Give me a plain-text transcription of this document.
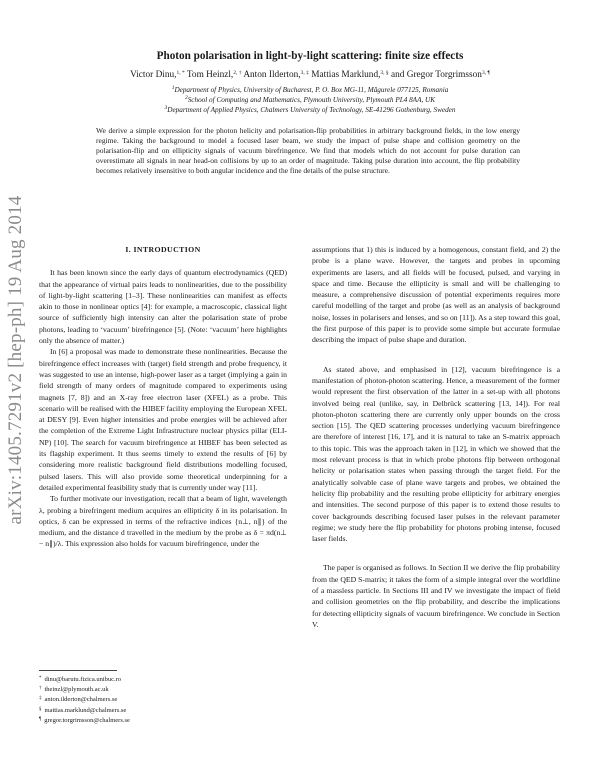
arXiv:1405.7291v2 [hep-ph] 19 Aug 2014
Photon polarisation in light-by-light scattering: finite size effects
Victor Dinu,$^{1, *}$ Tom Heinzl,$^{2, \dagger}$ Anton Ilderton,$^{3, \ddagger}$ Mattias Marklund,$^{3, \S}$ and Gregor Torgrimsson$^{3, \P}$
$^1$Department of Physics, University of Bucharest, P. O. Box MG-11, Măgurele 077125, Romania
$^2$School of Computing and Mathematics, Plymouth University, Plymouth PL4 8AA, UK
$^3$Department of Applied Physics, Chalmers University of Technology, SE-41296 Gothenburg, Sweden
We derive a simple expression for the photon helicity and polarisation-flip probabilities in arbitrary background fields, in the low energy regime. Taking the background to model a focused laser beam, we study the impact of pulse shape and collision geometry on the polarisation-flip and on ellipticity signals of vacuum birefringence. We find that models which do not account for pulse duration can overestimate all signals in near head-on collisions by up to an order of magnitude. Taking pulse duration into account, the flip probability becomes relatively insensitive to both angular incidence and the fine details of the pulse structure.
I. INTRODUCTION

It has been known since the early days of quantum electrodynamics (QED) that the appearance of virtual pairs leads to nonlinearities, due to the possibility of light-by-light scattering [1–3]. These nonlinearities can manifest as effects akin to those in nonlinear optics [4]: for example, a macroscopic, classical light source of sufficiently high intensity can alter the polarisation state of probe photons, leading to ‘vacuum’ birefringence [5]. (Note: ‘vacuum’ here highlights only the absence of matter.)

In [6] a proposal was made to demonstrate these nonlinearities. Because the birefringence effect increases with (target) field strength and probe frequency, it was suggested to use an intense, high-power laser as a target (implying a gain in field strength of many orders of magnitude compared to experiments using magnets [7, 8]) and an X-ray free electron laser (XFEL) as a probe. This scenario will be realised with the HIBEF facility employing the European XFEL at DESY [9]. Even higher intensities and probe energies will be achieved after the completion of the Extreme Light Infrastructure nuclear physics pillar (ELI-NP) [10]. The search for vacuum birefringence at HIBEF has been selected as its flagship experiment. It thus seems timely to extend the results of [6] by considering more realistic background field distributions modelling focused, pulsed lasers. This will also provide some theoretical underpinning for a detailed experimental feasibility study that is currently under way [11].

To further motivate our investigation, recall that a beam of light, wavelength λ, probing a birefringent medium acquires an ellipticity δ in its polarisation. In optics, δ can be expressed in terms of the refractive indices {n⊥, n∥} of the medium, and the distance d travelled in the medium by the probe as δ = πd(n⊥ − n∥)/λ. This expression also holds for vacuum birefringence, under the

assumptions that 1) this is induced by a homogenous, constant field, and 2) the probe is a plane wave. However, the targets and probes in upcoming experiments are lasers, and all fields will be focused, pulsed, and varying in space and time. Because the ellipticity is small and will be challenging to measure, a comprehensive discussion of potential experiments requires more careful modelling of the target and probe (as well as an analysis of background noise, losses in polarisers and lenses, and so on [11]). As a step toward this goal, the first purpose of this paper is to provide some simple but accurate formulae describing the impact of pulse shape and duration.

As stated above, and emphasised in [12], vacuum birefringence is a manifestation of photon-photon scattering. Hence, a measurement of the former would represent the first observation of the latter in a set-up with all photons involved being real (unlike, say, in Delbrück scattering [13, 14]). For real photon-photon scattering there are currently only upper bounds on the cross section [15]. The QED scattering processes underlying vacuum birefringence are therefore of interest [16, 17], and it is natural to take an S-matrix approach to this topic. This was the approach taken in [12], in which we showed that the most relevant process is that in which probe photons flip between orthogonal helicity or polarisation states when passing through the target field. For the analytically solvable case of plane wave targets and probes, we obtained the helicity flip probability and the resulting probe ellipticity for arbitrary energies and intensities. The second purpose of this paper is to extend those results to cover backgrounds describing focused laser pulses in the relevant parameter regime; we study here the flip probability for photons probing intense, focused laser fields.

The paper is organised as follows. In Section II we derive the flip probability from the QED S-matrix; it takes the form of a simple integral over the worldline of a massless particle. In Sections III and IV we investigate the impact of field and collision geometries on the flip probability, and describe the implications for detecting ellipticity signals of vacuum birefringence. We conclude in Section V.

* dinu@barutu.fizica.unibuc.ro
† theinzl@plymouth.ac.uk
‡ anton.ilderton@chalmers.se
§ mattias.marklund@chalmers.se
¶ gregor.torgrimsson@chalmers.se
